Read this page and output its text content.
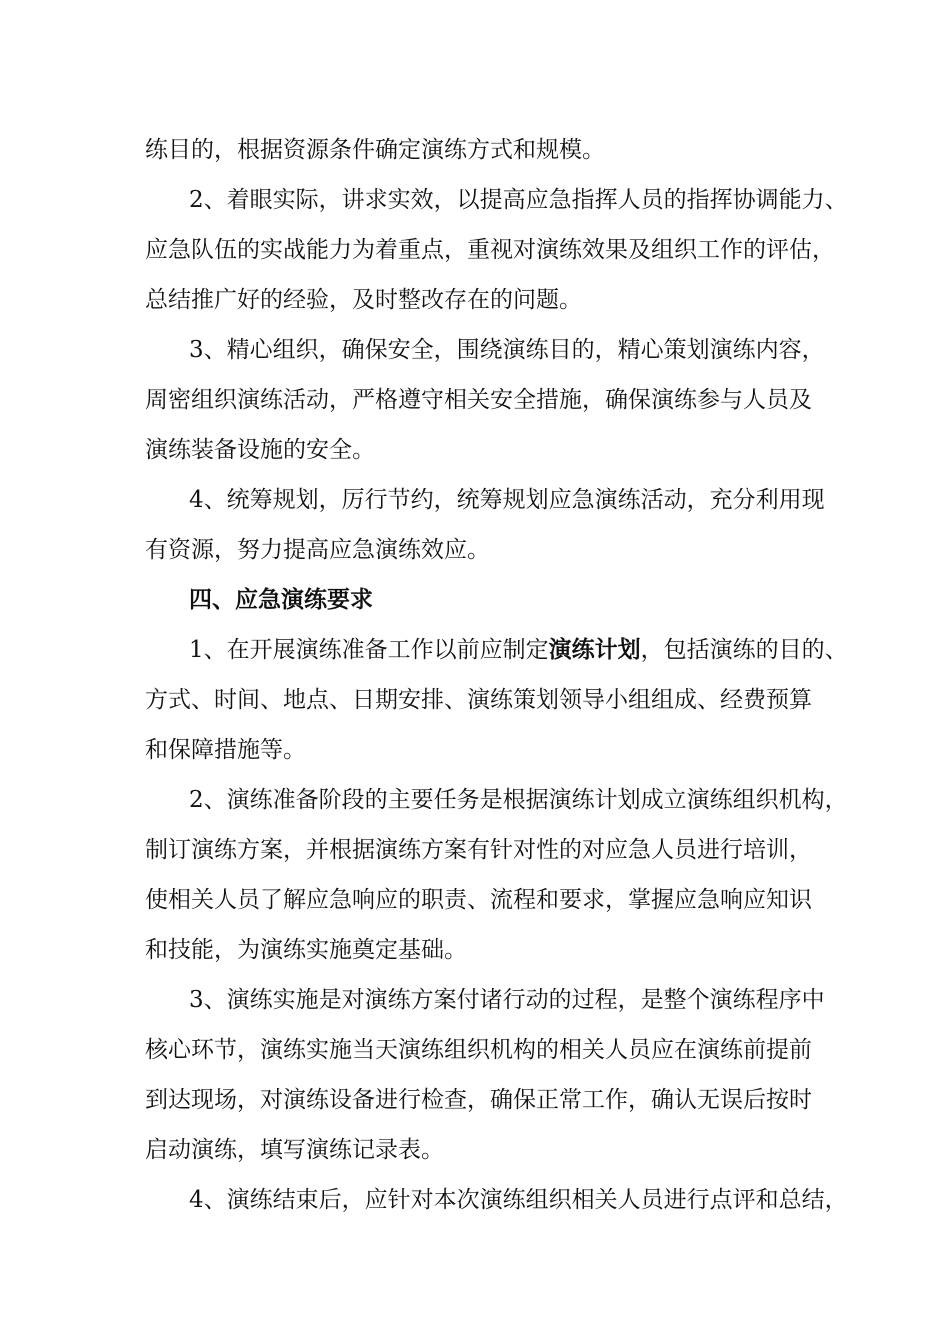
练目的，根据资源条件确定演练方式和规模。
2、着眼实际，讲求实效，以提高应急指挥人员的指挥协调能力、
应急队伍的实战能力为着重点，重视对演练效果及组织工作的评估，
总结推广好的经验，及时整改存在的问题。
3、精心组织，确保安全，围绕演练目的，精心策划演练内容，
周密组织演练活动，严格遵守相关安全措施，确保演练参与人员及
演练装备设施的安全。
4、统筹规划，厉行节约，统筹规划应急演练活动，充分利用现
有资源，努力提高应急演练效应。
四、应急演练要求
1、在开展演练准备工作以前应制定演练计划，包括演练的目的、
方式、时间、地点、日期安排、演练策划领导小组组成、经费预算
和保障措施等。
2、演练准备阶段的主要任务是根据演练计划成立演练组织机构，
制订演练方案，并根据演练方案有针对性的对应急人员进行培训，
使相关人员了解应急响应的职责、流程和要求，掌握应急响应知识
和技能，为演练实施奠定基础。
3、演练实施是对演练方案付诸行动的过程，是整个演练程序中
核心环节，演练实施当天演练组织机构的相关人员应在演练前提前
到达现场，对演练设备进行检查，确保正常工作，确认无误后按时
启动演练，填写演练记录表。
4、演练结束后，应针对本次演练组织相关人员进行点评和总结，
